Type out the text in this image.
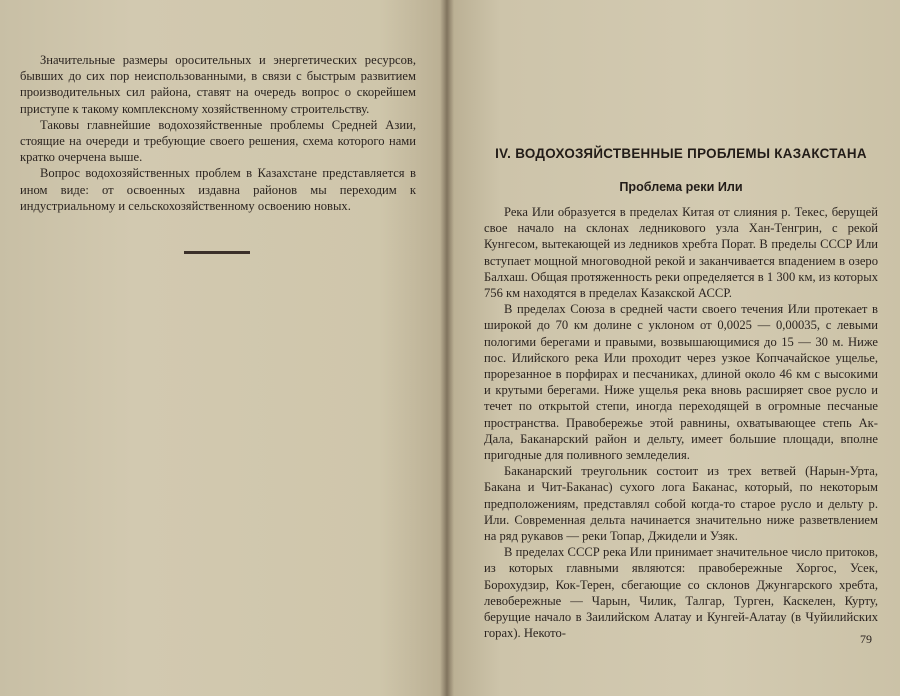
Значительные размеры оросительных и энергетических ресурсов, бывших до сих пор неиспользованными, в связи с быстрым развитием производительных сил района, ставят на очередь вопрос о скорейшем приступе к такому комплексному хозяйственному строительству.

Таковы главнейшие водохозяйственные проблемы Средней Азии, стоящие на очереди и требующие своего решения, схема которого нами кратко очерчена выше.

Вопрос водохозяйственных проблем в Казахстане представляется в ином виде: от освоенных издавна районов мы переходим к индустриальному и сельскохозяйственному освоению новых.

IV. ВОДОХОЗЯЙСТВЕННЫЕ ПРОБЛЕМЫ КАЗАКСТАНА
Проблема реки Или

Река Или образуется в пределах Китая от слияния р. Текес, берущей свое начало на склонах ледникового узла Хан-Тенгрин, с рекой Кунгесом, вытекающей из ледников хребта Порат. В пределы СССР Или вступает мощной многоводной рекой и заканчивается впадением в озеро Балхаш. Общая протяженность реки определяется в 1 300 км, из которых 756 км находятся в пределах Казакской АССР.

В пределах Союза в средней части своего течения Или протекает в широкой до 70 км долине с уклоном от 0,0025 — 0,00035, с левыми пологими берегами и правыми, возвышающимися до 15 — 30 м. Ниже пос. Илийского река Или проходит через узкое Копчачайское ущелье, прорезанное в порфирах и песчаниках, длиной около 46 км с высокими и крутыми берегами. Ниже ущелья река вновь расширяет свое русло и течет по открытой степи, иногда переходящей в огромные песчаные пространства. Правобережье этой равнины, охватывающее степь Ак-Дала, Баканарский район и дельту, имеет большие площади, вполне пригодные для поливного земледелия.

Баканарский треугольник состоит из трех ветвей (Нарын-Урта, Бакана и Чит-Баканас) сухого лога Баканас, который, по некоторым предположениям, представлял собой когда-то старое русло и дельту р. Или. Современная дельта начинается значительно ниже разветвлением на ряд рукавов — реки Топар, Джидели и Узяк.

В пределах СССР река Или принимает значительное число притоков, из которых главными являются: правобережные Хоргос, Усек, Борохудзир, Кок-Терен, сбегающие со склонов Джунгарского хребта, левобережные — Чарын, Чилик, Талгар, Турген, Каскелен, Курту, берущие начало в Заилийском Алатау и Кунгей-Алатау (в Чуйилийских горах). Некото-	79
